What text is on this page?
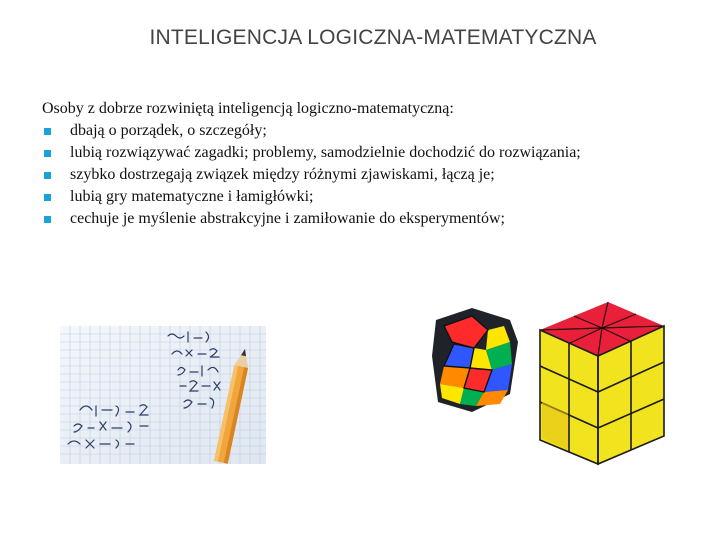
INTELIGENCJA LOGICZNA-MATEMATYCZNA

Osoby z dobrze rozwiniętą inteligencją logiczno-matematyczną:

dbają o porządek, o szczegóły;
lubią rozwiązywać zagadki; problemy, samodzielnie dochodzić do rozwiązania;
szybko dostrzegają związek między różnymi zjawiskami, łączą je;
lubią gry matematyczne i łamigłówki;
cechuje je myślenie abstrakcyjne i zamiłowanie do eksperymentów;
